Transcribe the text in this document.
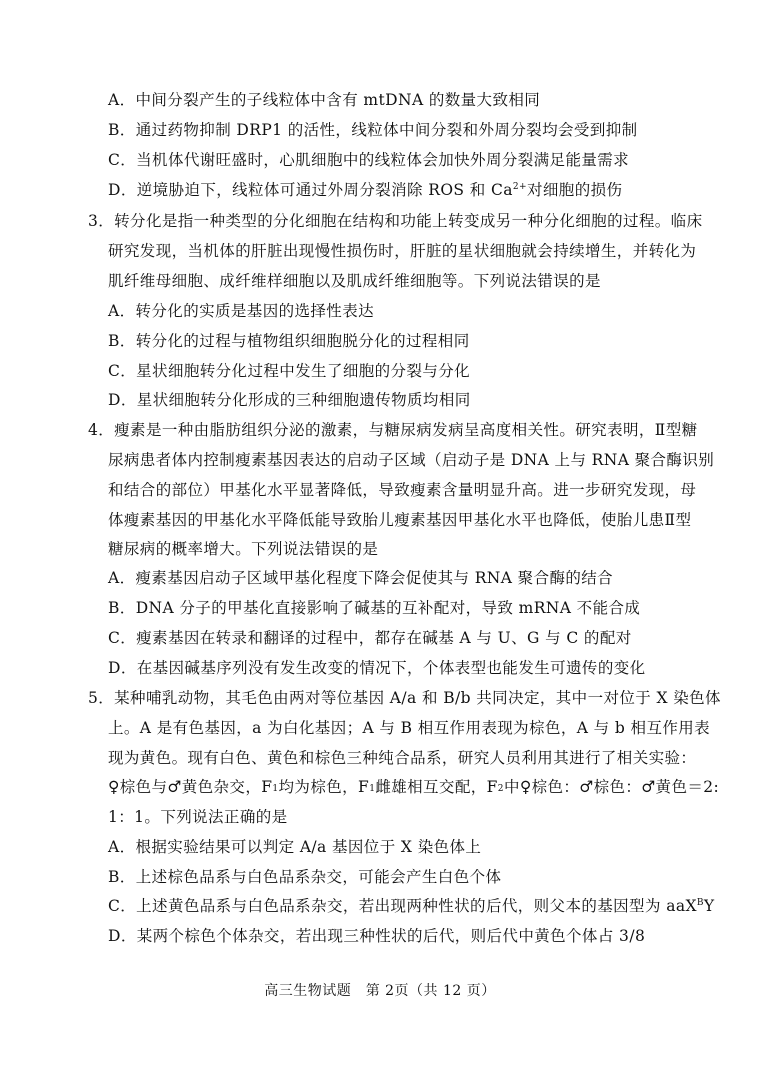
A．中间分裂产生的子线粒体中含有 mtDNA 的数量大致相同
B．通过药物抑制 DRP1 的活性，线粒体中间分裂和外周分裂均会受到抑制
C．当机体代谢旺盛时，心肌细胞中的线粒体会加快外周分裂满足能量需求
D．逆境胁迫下，线粒体可通过外周分裂消除 ROS 和 $Ca^{2+}$对细胞的损伤
3．转分化是指一种类型的分化细胞在结构和功能上转变成另一种分化细胞的过程。临床
研究发现，当机体的肝脏出现慢性损伤时，肝脏的星状细胞就会持续增生，并转化为
肌纤维母细胞、成纤维样细胞以及肌成纤维细胞等。下列说法错误的是
A．转分化的实质是基因的选择性表达
B．转分化的过程与植物组织细胞脱分化的过程相同
C．星状细胞转分化过程中发生了细胞的分裂与分化
D．星状细胞转分化形成的三种细胞遗传物质均相同
4．瘦素是一种由脂肪组织分泌的激素，与糖尿病发病呈高度相关性。研究表明，Ⅱ型糖
尿病患者体内控制瘦素基因表达的启动子区域（启动子是 DNA 上与 RNA 聚合酶识别
和结合的部位）甲基化水平显著降低，导致瘦素含量明显升高。进一步研究发现，母
体瘦素基因的甲基化水平降低能导致胎儿瘦素基因甲基化水平也降低，使胎儿患Ⅱ型
糖尿病的概率增大。下列说法错误的是
A．瘦素基因启动子区域甲基化程度下降会促使其与 RNA 聚合酶的结合
B．DNA 分子的甲基化直接影响了碱基的互补配对，导致 mRNA 不能合成
C．瘦素基因在转录和翻译的过程中，都存在碱基 A 与 U、G 与 C 的配对
D．在基因碱基序列没有发生改变的情况下，个体表型也能发生可遗传的变化
5．某种哺乳动物，其毛色由两对等位基因 A/a 和 B/b 共同决定，其中一对位于 X 染色体
上。A 是有色基因，a 为白化基因；A 与 B 相互作用表现为棕色，A 与 b 相互作用表
现为黄色。现有白色、黄色和棕色三种纯合品系，研究人员利用其进行了相关实验：
♀棕色与♂黄色杂交，$F_1$均为棕色，$F_1$雌雄相互交配，$F_2$中♀棕色：♂棕色：♂黄色＝2:
1：1。下列说法正确的是
A．根据实验结果可以判定 A/a 基因位于 X 染色体上
B．上述棕色品系与白色品系杂交，可能会产生白色个体
C．上述黄色品系与白色品系杂交，若出现两种性状的后代，则父本的基因型为 aaX$^B$Y
D．某两个棕色个体杂交，若出现三种性状的后代，则后代中黄色个体占 3/8
高三生物试题　第 2页（共 12 页）
